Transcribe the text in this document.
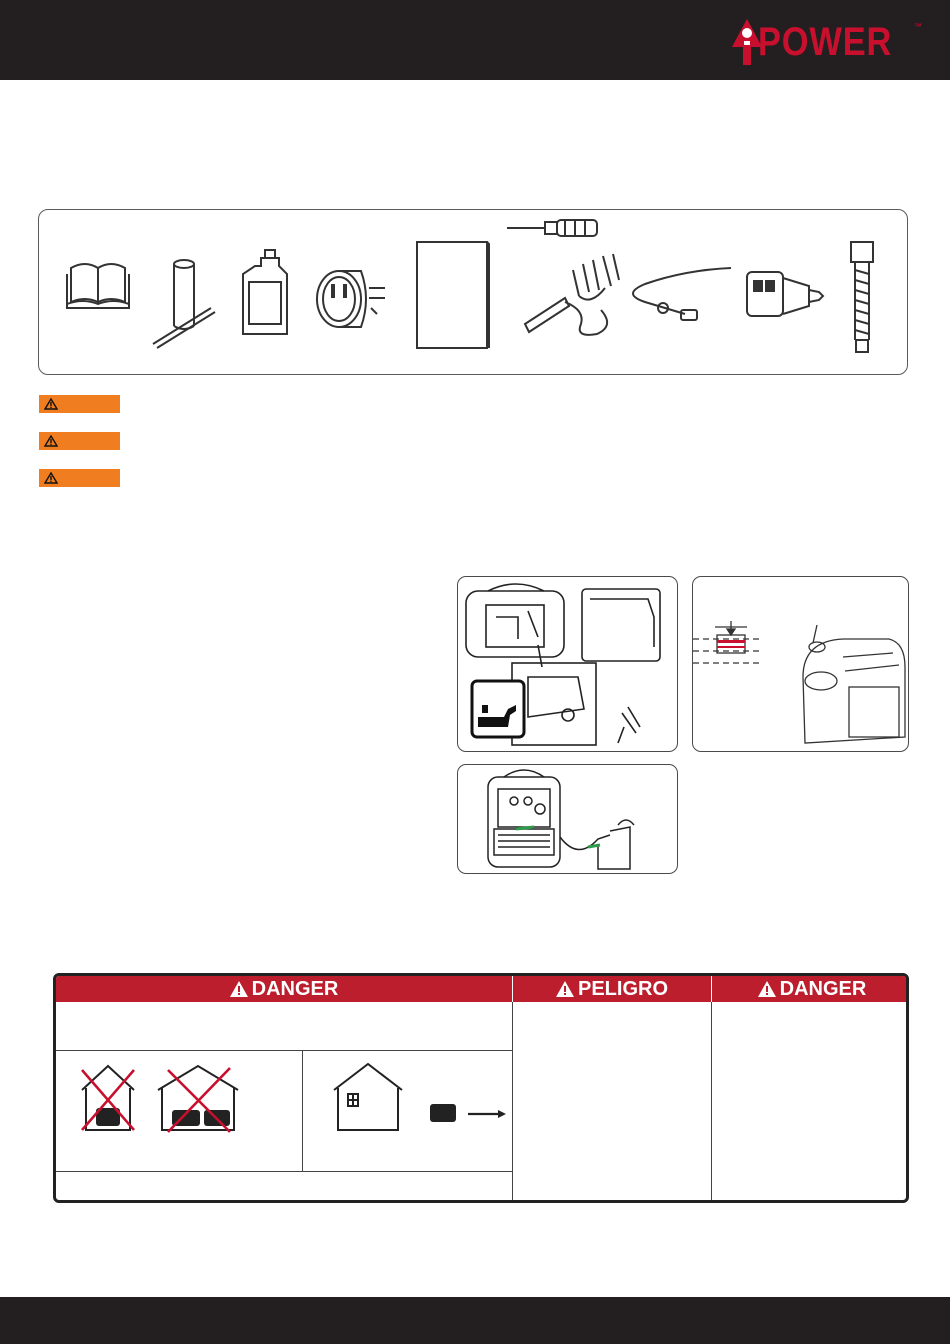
POWER	™
DANGER	PELIGRO	DANGER
